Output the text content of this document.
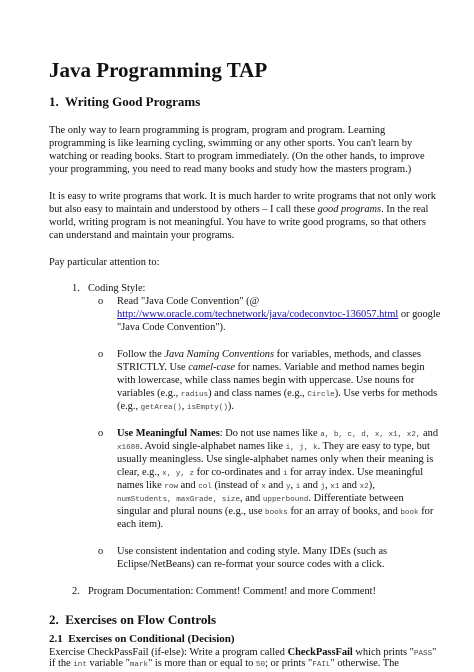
Java Programming TAP
1. Writing Good Programs
The only way to learn programming is program, program and program. Learning
programming is like learning cycling, swimming or any other sports. You can't learn by
watching or reading books. Start to program immediately. (On the other hands, to improve
your programming, you need to read many books and study how the masters program.)
It is easy to write programs that work. It is much harder to write programs that not only work
but also easy to maintain and understood by others – I call these good programs. In the real
world, writing program is not meaningful. You have to write good programs, so that others
can understand and maintain your programs.
Pay particular attention to:
1. Coding Style:
o Read "Java Code Convention" (@
http://www.oracle.com/technetwork/java/codeconvtoc-136057.html or google
"Java Code Convention").
o Follow the Java Naming Conventions for variables, methods, and classes
STRICTLY. Use camel-case for names. Variable and method names begin
with lowercase, while class names begin with uppercase. Use nouns for
variables (e.g., radius) and class names (e.g., Circle). Use verbs for methods
(e.g., getArea(), isEmpty()).
o Use Meaningful Names: Do not use names like a, b, c, d, x, x1, x2, and
x1688. Avoid single-alphabet names like i, j, k. They are easy to type, but
usually meaningless. Use single-alphabet names only when their meaning is
clear, e.g., x, y, z for co-ordinates and i for array index. Use meaningful
names like row and col (instead of x and y, i and j, x1 and x2),
numStudents, maxGrade, size, and upperbound. Differentiate between
singular and plural nouns (e.g., use books for an array of books, and book for
each item).
o Use consistent indentation and coding style. Many IDEs (such as
Eclipse/NetBeans) can re-format your source codes with a click.
2. Program Documentation: Comment! Comment! and more Comment!
2. Exercises on Flow Controls
2.1 Exercises on Conditional (Decision)
Exercise CheckPassFail (if-else): Write a program called CheckPassFail which prints "PASS"
if the int variable "mark" is more than or equal to 50; or prints "FAIL" otherwise. The
